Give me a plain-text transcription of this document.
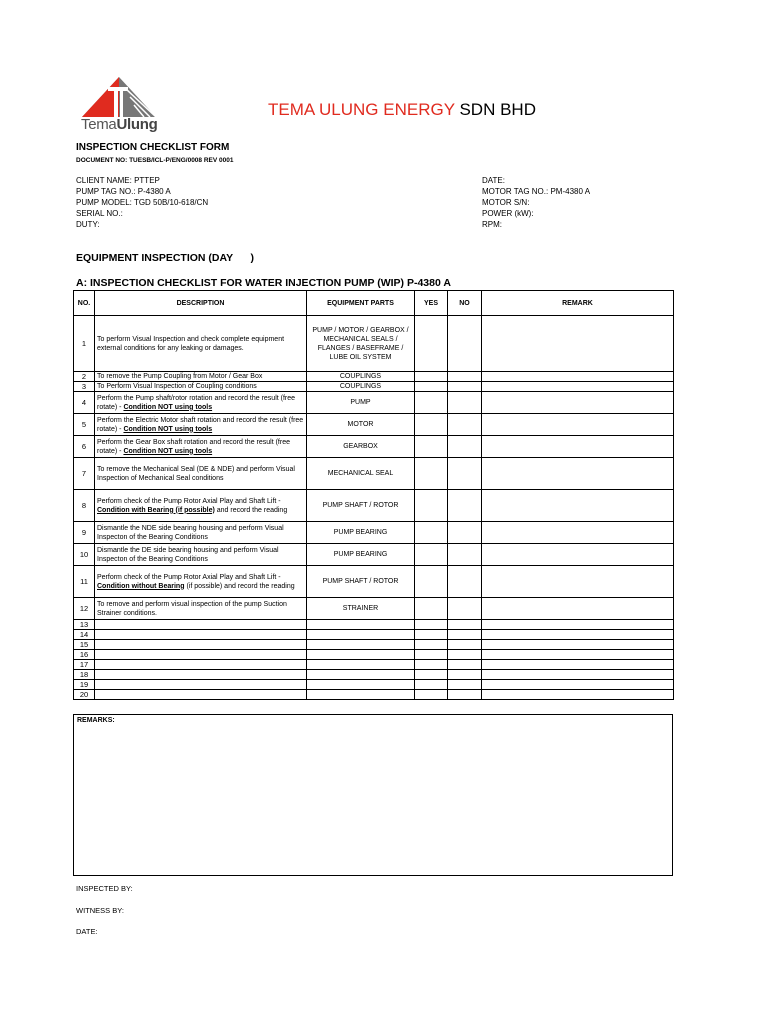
TemaUlung
TEMA ULUNG ENERGY SDN BHD
INSPECTION CHECKLIST FORM
DOCUMENT NO: TUESB/ICL-P/ENG/0008 REV 0001
CLIENT NAME: PTTEP
PUMP TAG NO.: P-4380 A
PUMP MODEL: TGD 50B/10-618/CN
SERIAL NO.:
DUTY:
DATE:
MOTOR TAG NO.: PM-4380 A
MOTOR S/N:
POWER (kW):
RPM:
EQUIPMENT INSPECTION (DAY      )
A: INSPECTION CHECKLIST FOR WATER INJECTION PUMP (WIP) P-4380 A
NO.	DESCRIPTION	EQUIPMENT PARTS	YES	NO	REMARK
1	To perform Visual Inspection and check complete equipment external conditions for any leaking or damages.	PUMP / MOTOR / GEARBOX / MECHANICAL SEALS / FLANGES / BASEFRAME / LUBE OIL SYSTEM			
2	To remove the Pump Coupling from Motor / Gear Box	COUPLINGS			
3	To Perform Visual Inspection of Coupling conditions	COUPLINGS			
4	Perform the Pump shaft/rotor rotation and record the result (free rotate) - Condition NOT using tools	PUMP			
5	Perform the Electric Motor shaft rotation and record the result (free rotate) - Condition NOT using tools	MOTOR			
6	Perform the Gear Box shaft rotation and record the result (free rotate) - Condition NOT using tools	GEARBOX			
7	To remove the Mechanical Seal (DE & NDE) and perform Visual Inspection of Mechanical Seal conditions	MECHANICAL SEAL			
8	Perform check of the Pump Rotor Axial Play and Shaft Lift - Condition with Bearing (if possible) and record the reading	PUMP SHAFT / ROTOR			
9	Dismantle the NDE side bearing housing and perform Visual Inspecton of the Bearing Conditions	PUMP BEARING			
10	Dismantle the DE side bearing housing and perform Visual Inspecton of the Bearing Conditions	PUMP BEARING			
11	Perform check of the Pump Rotor Axial Play and Shaft Lift - Condition without Bearing (if possible) and record the reading	PUMP SHAFT / ROTOR			
12	To remove and perform visual inspection of the pump Suction Strainer conditions.	STRAINER			
13					
14					
15					
16					
17					
18					
19					
20					
REMARKS:
INSPECTED BY:
WITNESS BY:
DATE:
